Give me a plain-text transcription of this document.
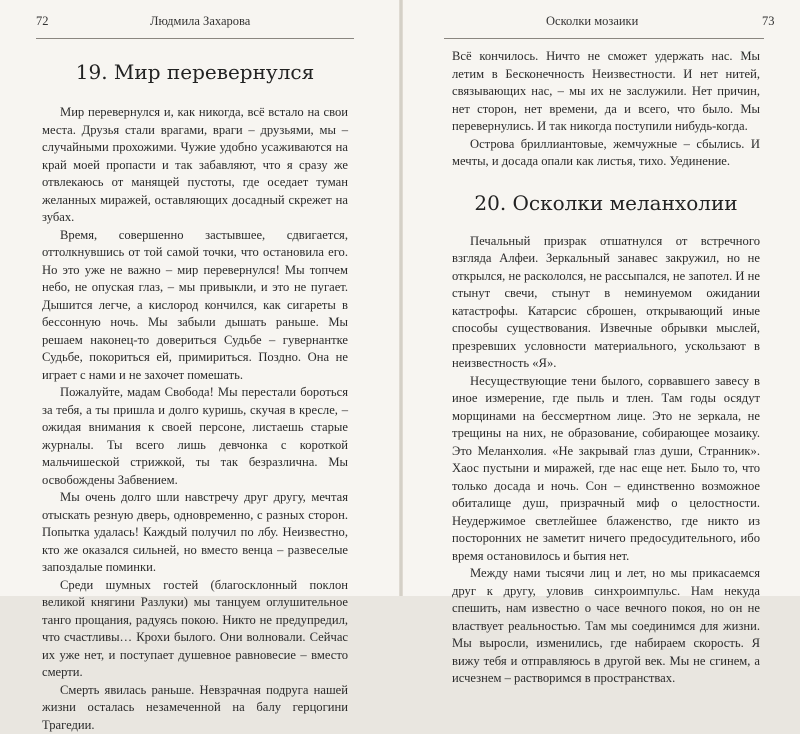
72	Людмила Захарова
19. Мир перевернулся

Мир перевернулся и, как никогда, всё встало на свои места. Друзья стали врагами, враги – друзьями, мы – случайными прохожими. Чужие удобно усаживаются на край моей пропасти и так забавляют, что я сразу же отвлекаюсь от манящей пустоты, где оседает туман желанных миражей, оставляющих досадный скрежет на зубах.

Время, совершенно застывшее, сдвигается, оттолкнувшись от той самой точки, что остановила его. Но это уже не важно – мир перевернулся! Мы топчем небо, не опуская глаз, – мы привыкли, и это не пугает. Дышится легче, а кислород кончился, как сигареты в бессонную ночь. Мы забыли дышать раньше. Мы решаем наконец-то довериться Судьбе – гувернантке Судьбе, покориться ей, примириться. Поздно. Она не играет с нами и не захочет помешать.

Пожалуйте, мадам Свобода! Мы перестали бороться за тебя, а ты пришла и долго куришь, скучая в кресле, – ожидая внимания к своей персоне, листаешь старые журналы. Ты всего лишь девчонка с короткой мальчишеской стрижкой, ты так безразлична. Мы освобождены Забвением.

Мы очень долго шли навстречу друг другу, мечтая отыскать резную дверь, одновременно, с разных сторон. Попытка удалась! Каждый получил по лбу. Неизвестно, кто же оказался сильней, но вместо венца – развеселые запоздалые поминки.

Среди шумных гостей (благосклонный поклон великой княгини Разлуки) мы танцуем оглушительное танго прощания, радуясь покою. Никто не предупредил, что счастливы… Крохи былого. Они волновали. Сейчас их уже нет, и поступает душевное равновесие – вместо смерти.

Смерть явилась раньше. Невзрачная подруга нашей жизни осталась незамеченной на балу герцогини Трагедии.

Осколки мозаики	73

Всё кончилось. Ничто не сможет удержать нас. Мы летим в Бесконечность Неизвестности. И нет нитей, связывающих нас, – мы их не заслужили. Нет причин, нет сторон, нет времени, да и всего, что было. Мы перевернулись. И так никогда поступили нибудь-когда.

Острова бриллиантовые, жемчужные – сбылись. И мечты, и досада опали как листья, тихо. Уединение.

20. Осколки меланхолии

Печальный призрак отшатнулся от встречного взгляда Алфеи. Зеркальный занавес закружил, но не открылся, не раскололся, не рассыпался, не запотел. И не стынут свечи, стынут в неминуемом ожидании катастрофы. Катарсис сброшен, открывающий иные способы существования. Извечные обрывки мыслей, презревших условности материального, ускользают в неизвестность «Я».

Несуществующие тени былого, сорвавшего завесу в иное измерение, где пыль и тлен. Там годы осядут морщинами на бессмертном лице. Это не зеркала, не трещины на них, не образование, собирающее мозаику. Это Меланхолия. «Не закрывай глаз души, Странник». Хаос пустыни и миражей, где нас еще нет. Было то, что только досада и ночь. Сон – единственно возможное обиталище душ, призрачный миф о целостности. Неудержимое светлейшее блаженство, где никто из посторонних не заметит ничего предосудительного, ибо время остановилось и бытия нет.

Между нами тысячи лиц и лет, но мы прикасаемся друг к другу, уловив синхроимпульс. Нам некуда спешить, нам известно о часе вечного покоя, но он не властвует реальностью. Там мы соединимся для жизни. Мы выросли, изменились, где набираем скорость. Я вижу тебя и отправляюсь в другой век. Мы не сгинем, а исчезнем – растворимся в пространствах.
